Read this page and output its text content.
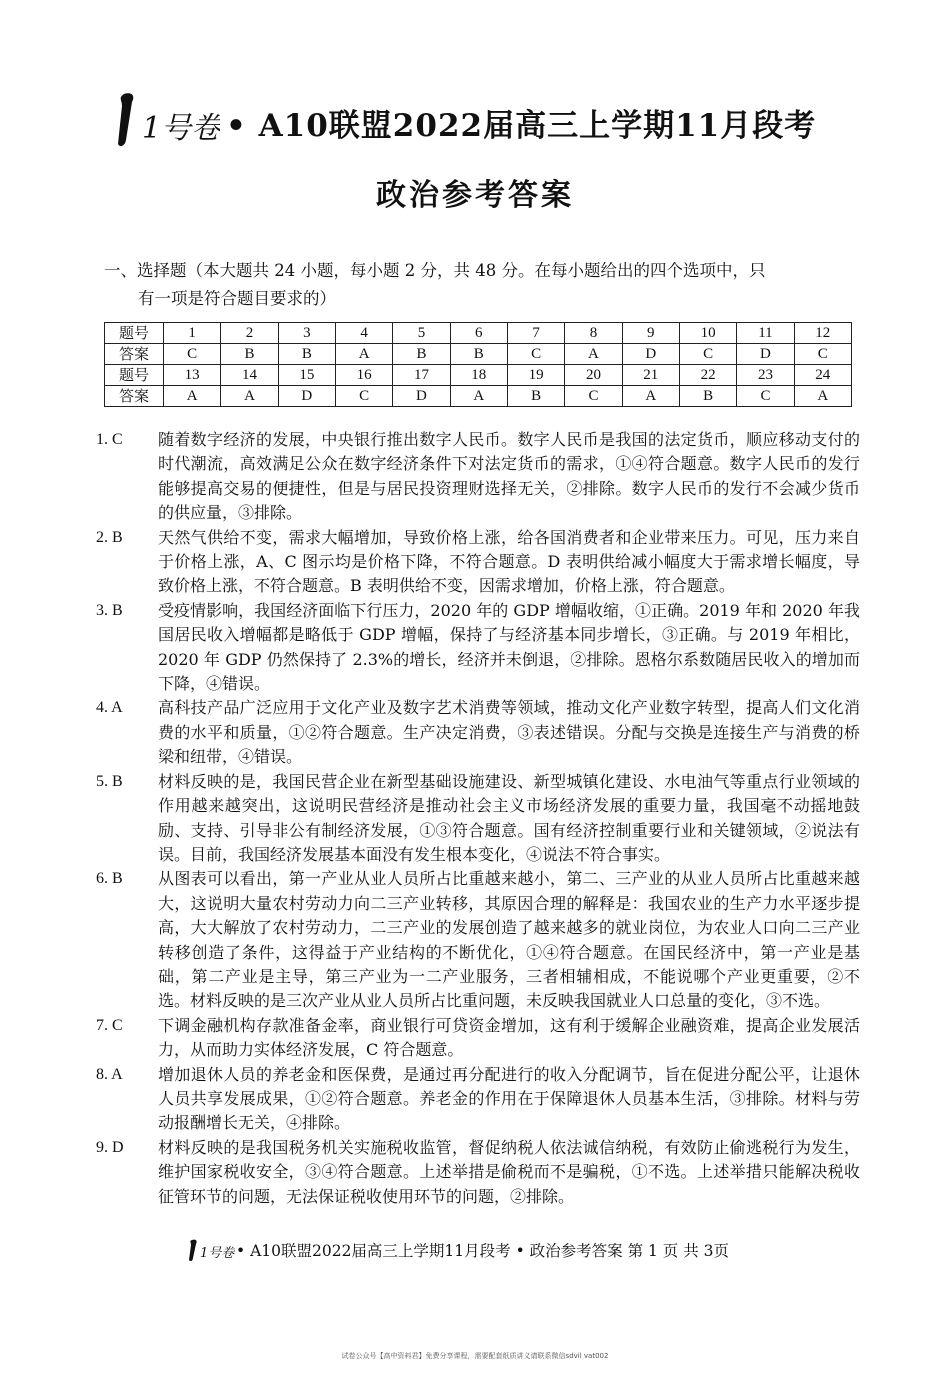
1号卷 • A10联盟2022届高三上学期11月段考
政治参考答案
一、选择题（本大题共 24 小题，每小题 2 分，共 48 分。在每小题给出的四个选项中，只
有一项是符合题目要求的）
题号	1	2	3	4	5	6	7	8	9	10	11	12
答案	C	B	B	A	B	B	C	A	D	C	D	C
题号	13	14	15	16	17	18	19	20	21	22	23	24
答案	A	A	D	C	D	A	B	C	A	B	C	A
1. C	随着数字经济的发展，中央银行推出数字人民币。数字人民币是我国的法定货币，顺应移动支付的时代潮流，高效满足公众在数字经济条件下对法定货币的需求，①④符合题意。数字人民币的发行能够提高交易的便捷性，但是与居民投资理财选择无关，②排除。数字人民币的发行不会减少货币的供应量，③排除。
2. B	天然气供给不变，需求大幅增加，导致价格上涨，给各国消费者和企业带来压力。可见，压力来自于价格上涨，A、C 图示均是价格下降，不符合题意。D 表明供给减小幅度大于需求增长幅度，导致价格上涨，不符合题意。B 表明供给不变，因需求增加，价格上涨，符合题意。
3. B	受疫情影响，我国经济面临下行压力，2020 年的 GDP 增幅收缩，①正确。2019 年和 2020 年我国居民收入增幅都是略低于 GDP 增幅，保持了与经济基本同步增长，③正确。与 2019 年相比，2020 年 GDP 仍然保持了 2.3%的增长，经济并未倒退，②排除。恩格尔系数随居民收入的增加而下降，④错误。
4. A	高科技产品广泛应用于文化产业及数字艺术消费等领域，推动文化产业数字转型，提高人们文化消费的水平和质量，①②符合题意。生产决定消费，③表述错误。分配与交换是连接生产与消费的桥梁和纽带，④错误。
5. B	材料反映的是，我国民营企业在新型基础设施建设、新型城镇化建设、水电油气等重点行业领域的作用越来越突出，这说明民营经济是推动社会主义市场经济发展的重要力量，我国毫不动摇地鼓励、支持、引导非公有制经济发展，①③符合题意。国有经济控制重要行业和关键领域，②说法有误。目前，我国经济发展基本面没有发生根本变化，④说法不符合事实。
6. B	从图表可以看出，第一产业从业人员所占比重越来越小，第二、三产业的从业人员所占比重越来越大，这说明大量农村劳动力向二三产业转移，其原因合理的解释是：我国农业的生产力水平逐步提高，大大解放了农村劳动力，二三产业的发展创造了越来越多的就业岗位，为农业人口向二三产业转移创造了条件，这得益于产业结构的不断优化，①④符合题意。在国民经济中，第一产业是基础，第二产业是主导，第三产业为一二产业服务，三者相辅相成，不能说哪个产业更重要，②不选。材料反映的是三次产业从业人员所占比重问题，未反映我国就业人口总量的变化，③不选。
7. C	下调金融机构存款准备金率，商业银行可贷资金增加，这有利于缓解企业融资难，提高企业发展活力，从而助力实体经济发展，C 符合题意。
8. A	增加退休人员的养老金和医保费，是通过再分配进行的收入分配调节，旨在促进分配公平，让退休人员共享发展成果，①②符合题意。养老金的作用在于保障退休人员基本生活，③排除。材料与劳动报酬增长无关，④排除。
9. D	材料反映的是我国税务机关实施税收监管，督促纳税人依法诚信纳税，有效防止偷逃税行为发生，维护国家税收安全，③④符合题意。上述举措是偷税而不是骗税，①不选。上述举措只能解决税收征管环节的问题，无法保证税收使用环节的问题，②排除。
1号卷 • A10联盟2022届高三上学期11月段考 • 政治参考答案 第 1 页 共 3页
试卷公众号【高中资料君】免费分享课程，需要配套纸质讲义请联系微信sdvil vat002
